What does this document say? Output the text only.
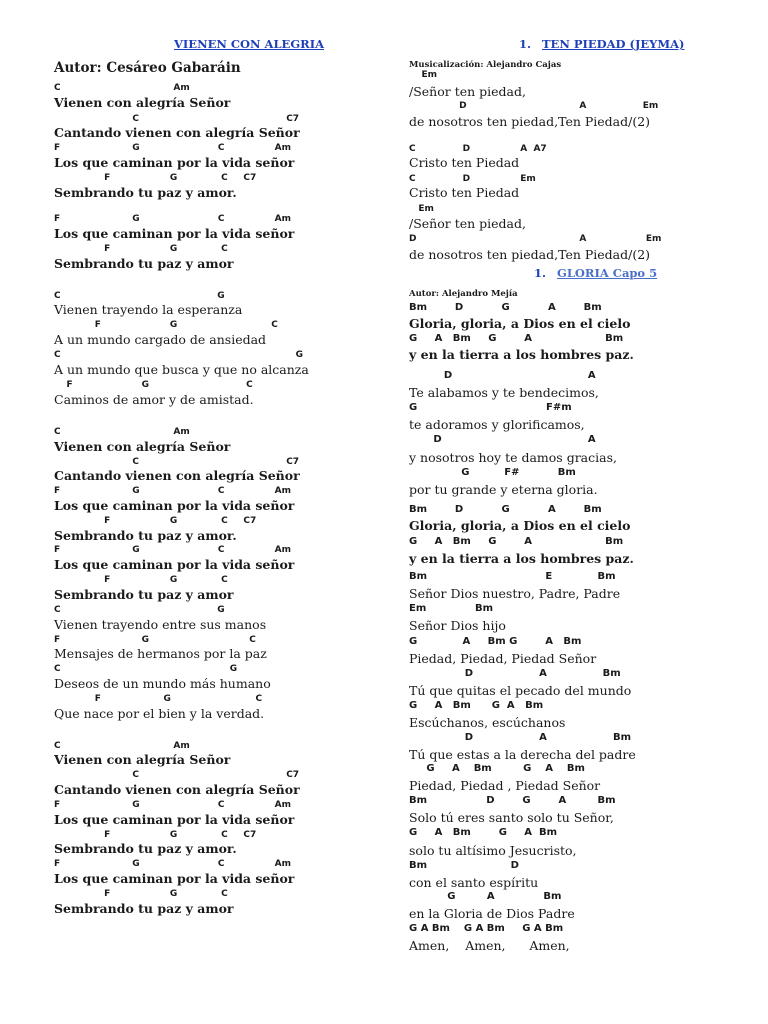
VIENEN CON ALEGRIA
Autor: Cesáreo Gabaráin
C                                    Am
Vienen con alegría Señor
C                                               C7
Cantando vienen con alegría Señor
F                       G                         C                Am
Los que caminan por la vida señor
F                   G              C     C7
Sembrando tu paz y amor.
F                       G                         C                Am
Los que caminan por la vida señor
F                   G              C
Sembrando tu paz y amor
C                                                  G
Vienen trayendo la esperanza
F                      G                              C
A un mundo cargado de ansiedad
C                                                                           G
A un mundo que busca y que no alcanza
F                      G                               C
Caminos de amor y de amistad.
C                                    Am
Vienen con alegría Señor
C                                               C7
Cantando vienen con alegría Señor
F                       G                         C                Am
Los que caminan por la vida señor
F                   G              C     C7
Sembrando tu paz y amor.
F                       G                         C                Am
Los que caminan por la vida señor
F                   G              C
Sembrando tu paz y amor
C                                                  G
Vienen trayendo entre sus manos
F                          G                                C
Mensajes de hermanos por la paz
C                                                      G
Deseos de un mundo más humano
F                    G                           C
Que nace por el bien y la verdad.
C                                    Am
Vienen con alegría Señor
C                                               C7
Cantando vienen con alegría Señor
F                       G                         C                Am
Los que caminan por la vida señor
F                   G              C     C7
Sembrando tu paz y amor.
F                       G                         C                Am
Los que caminan por la vida señor
F                   G              C
Sembrando tu paz y amor
1. TEN PIEDAD (JEYMA)
Musicalización: Alejandro Cajas
1. GLORIA Capo 5
Em
/Señor ten piedad,
D                                    A                  Em
de nosotros ten piedad,Ten Piedad/(2)
C               D                A  A7
Cristo ten Piedad
C               D                Em
Cristo ten Piedad
Em
/Señor ten piedad,
D                                                    A                   Em
de nosotros ten piedad,Ten Piedad/(2)
Autor: Alejandro Mejía
Bm        D           G           A        Bm
Gloria, gloria, a Dios en el cielo
G     A   Bm     G        A                     Bm
y en la tierra a los hombres paz.
D                                       A
Te alabamos y te bendecimos,
G                                     F#m
te adoramos y glorificamos,
D                                          A
y nosotros hoy te damos gracias,
G          F#           Bm
por tu grande y eterna gloria.
Bm        D           G           A        Bm
Gloria, gloria, a Dios en el cielo
G     A   Bm     G        A                     Bm
y en la tierra a los hombres paz.
Bm                                  E             Bm
Señor Dios nuestro, Padre, Padre
Em              Bm
Señor Dios hijo
G             A     Bm G        A   Bm
Piedad, Piedad, Piedad Señor
D                   A                Bm
Tú que quitas el pecado del mundo
G     A   Bm      G  A   Bm
Escúchanos, escúchanos
D                   A                   Bm
Tú que estas a la derecha del padre
G     A    Bm         G    A    Bm
Piedad, Piedad , Piedad Señor
Bm                 D        G        A         Bm
Solo tú eres santo solo tu Señor,
G     A   Bm        G     A  Bm
solo tu altísimo Jesucristo,
Bm                        D
con el santo espíritu
G         A              Bm
en la Gloria de Dios Padre
G A Bm    G A Bm     G A Bm
Amen,    Amen,      Amen,
